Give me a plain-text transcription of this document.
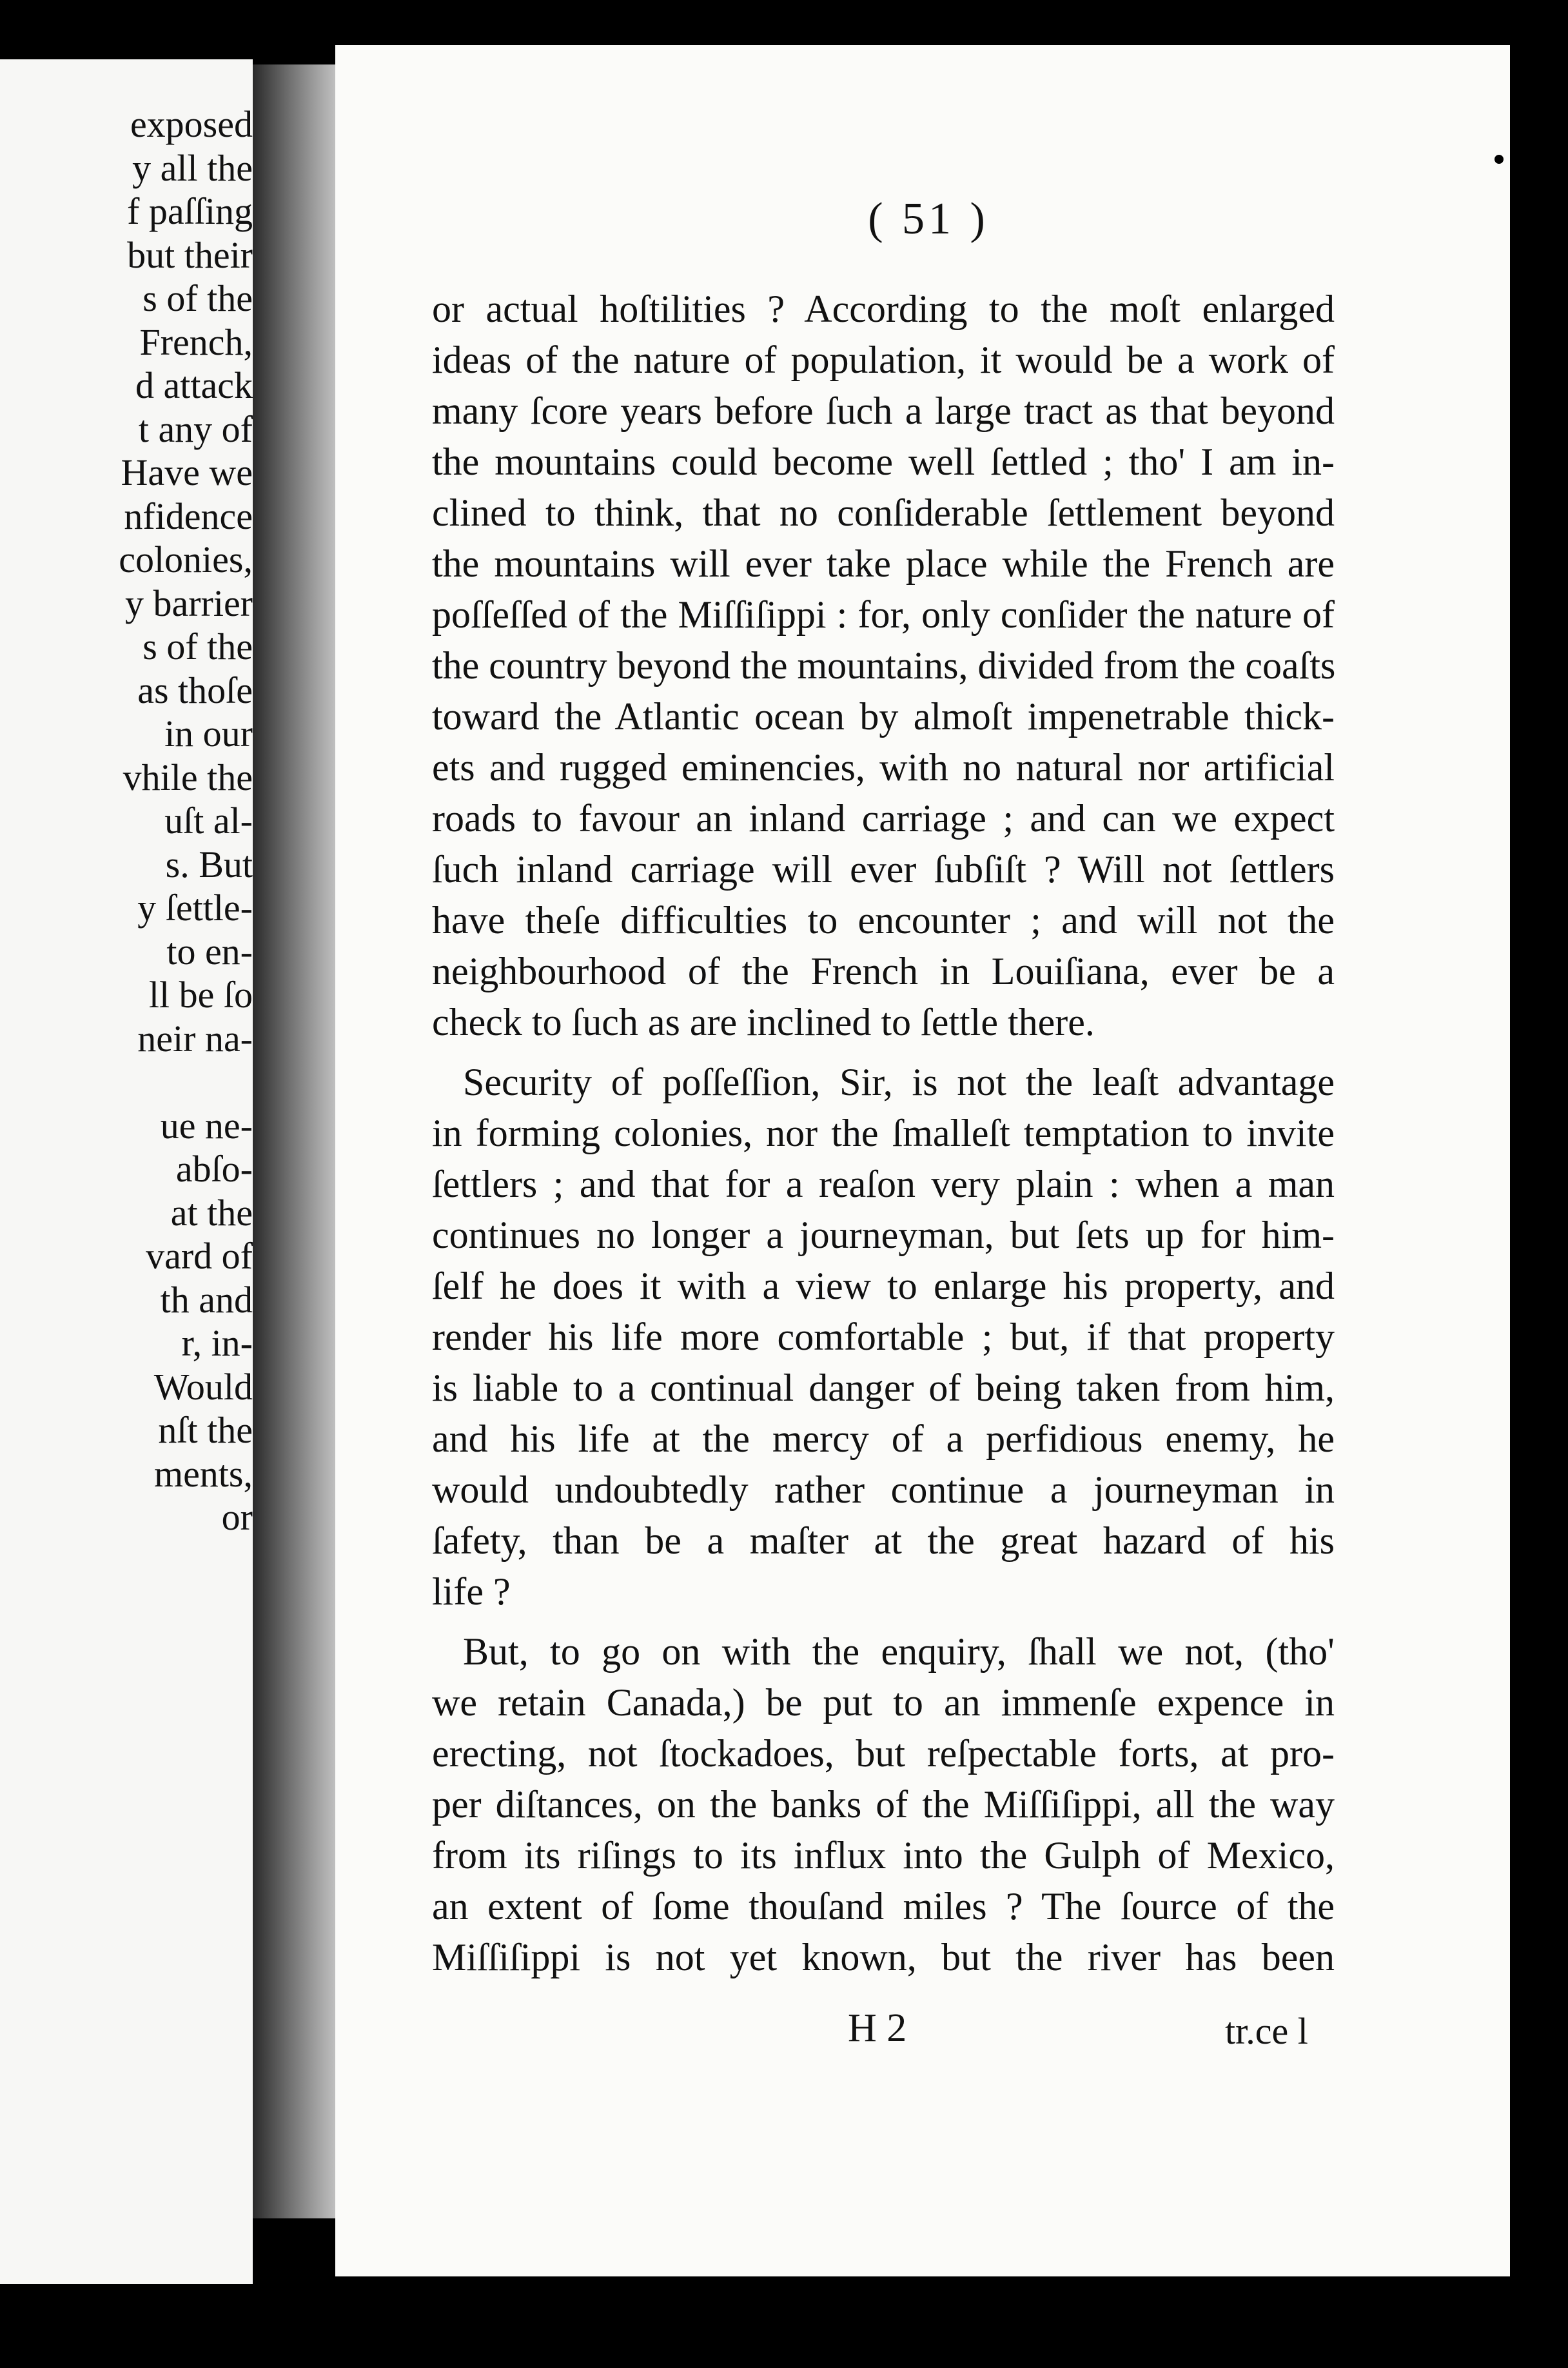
exposed
y all the
f paſſing
but their
s of the
French,
d attack
t any of
Have we
nfidence
colonies,
y barrier
s of the
as thoſe
in our
vhile the
uſt al-
s. But
y ſettle-
to en-
ll be ſo
neir na-
ue ne-
abſo-
at the
vard of
th and
r, in-
Would
nſt the
ments,
or
( 51 )
or actual hoſtilities ? According to the moſt enlarged
ideas of the nature of population, it would be a work of
many ſcore years before ſuch a large tract as that beyond
the mountains could become well ſettled ; tho' I am in-
clined to think, that no conſiderable ſettlement beyond
the mountains will ever take place while the French are
poſſeſſed of the Miſſiſippi : for, only conſider the nature of
the country beyond the mountains, divided from the coaſts
toward the Atlantic ocean by almoſt impenetrable thick-
ets and rugged eminencies, with no natural nor artificial
roads to favour an inland carriage ; and can we expect
ſuch inland carriage will ever ſubſiſt ? Will not ſettlers
have theſe difficulties to encounter ; and will not the
neighbourhood of the French in Louiſiana, ever be a
check to ſuch as are inclined to ſettle there.
Security of poſſeſſion, Sir, is not the leaſt advantage
in forming colonies, nor the ſmalleſt temptation to invite
ſettlers ; and that for a reaſon very plain : when a man
continues no longer a journeyman, but ſets up for him-
ſelf he does it with a view to enlarge his property, and
render his life more comfortable ; but, if that property
is liable to a continual danger of being taken from him,
and his life at the mercy of a perfidious enemy, he
would undoubtedly rather continue a journeyman in
ſafety, than be a maſter at the great hazard of his
life ?
But, to go on with the enquiry, ſhall we not, (tho'
we retain Canada,) be put to an immenſe expence in
erecting, not ſtockadoes, but reſpectable forts, at pro-
per diſtances, on the banks of the Miſſiſippi, all the way
from its riſings to its influx into the Gulph of Mexico,
an extent of ſome thouſand miles ? The ſource of the
Miſſiſippi is not yet known, but the river has been
H 2	tr.ce l
